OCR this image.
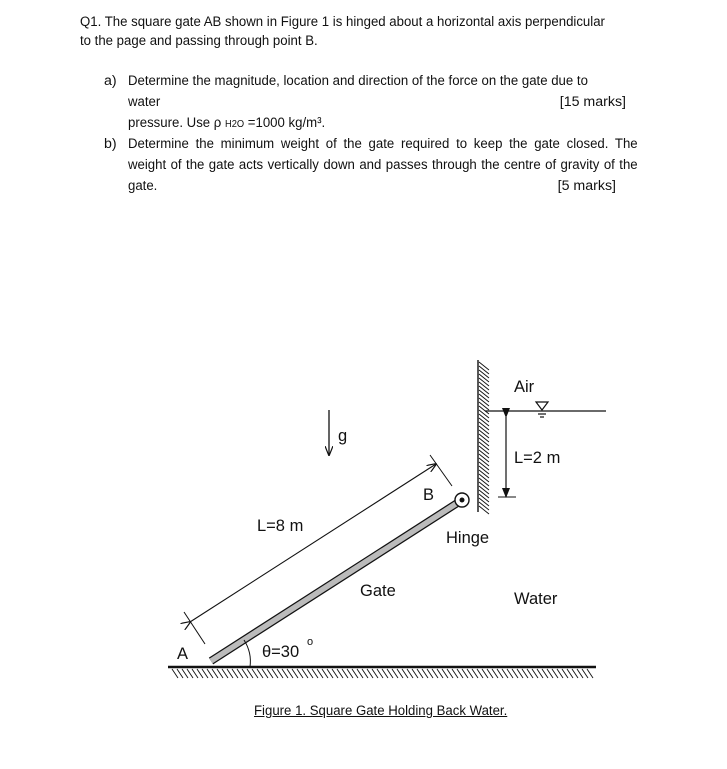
Q1. The square gate AB shown in Figure 1 is hinged about a horizontal axis perpendicular to the page and passing through point B.
a) Determine the magnitude, location and direction of the force on the gate due to water
pressure. Use ρ H2O =1000 kg/m³.
[15 marks]
b) Determine the minimum weight of the gate required to keep the gate closed. The weight of the gate acts vertically down and passes through the centre of gravity of the gate.	[5 marks]
Air
g
L=2 m
B
Hinge
L=8 m
Gate	Water
A	θ=30
o
Figure 1. Square Gate Holding Back Water.
